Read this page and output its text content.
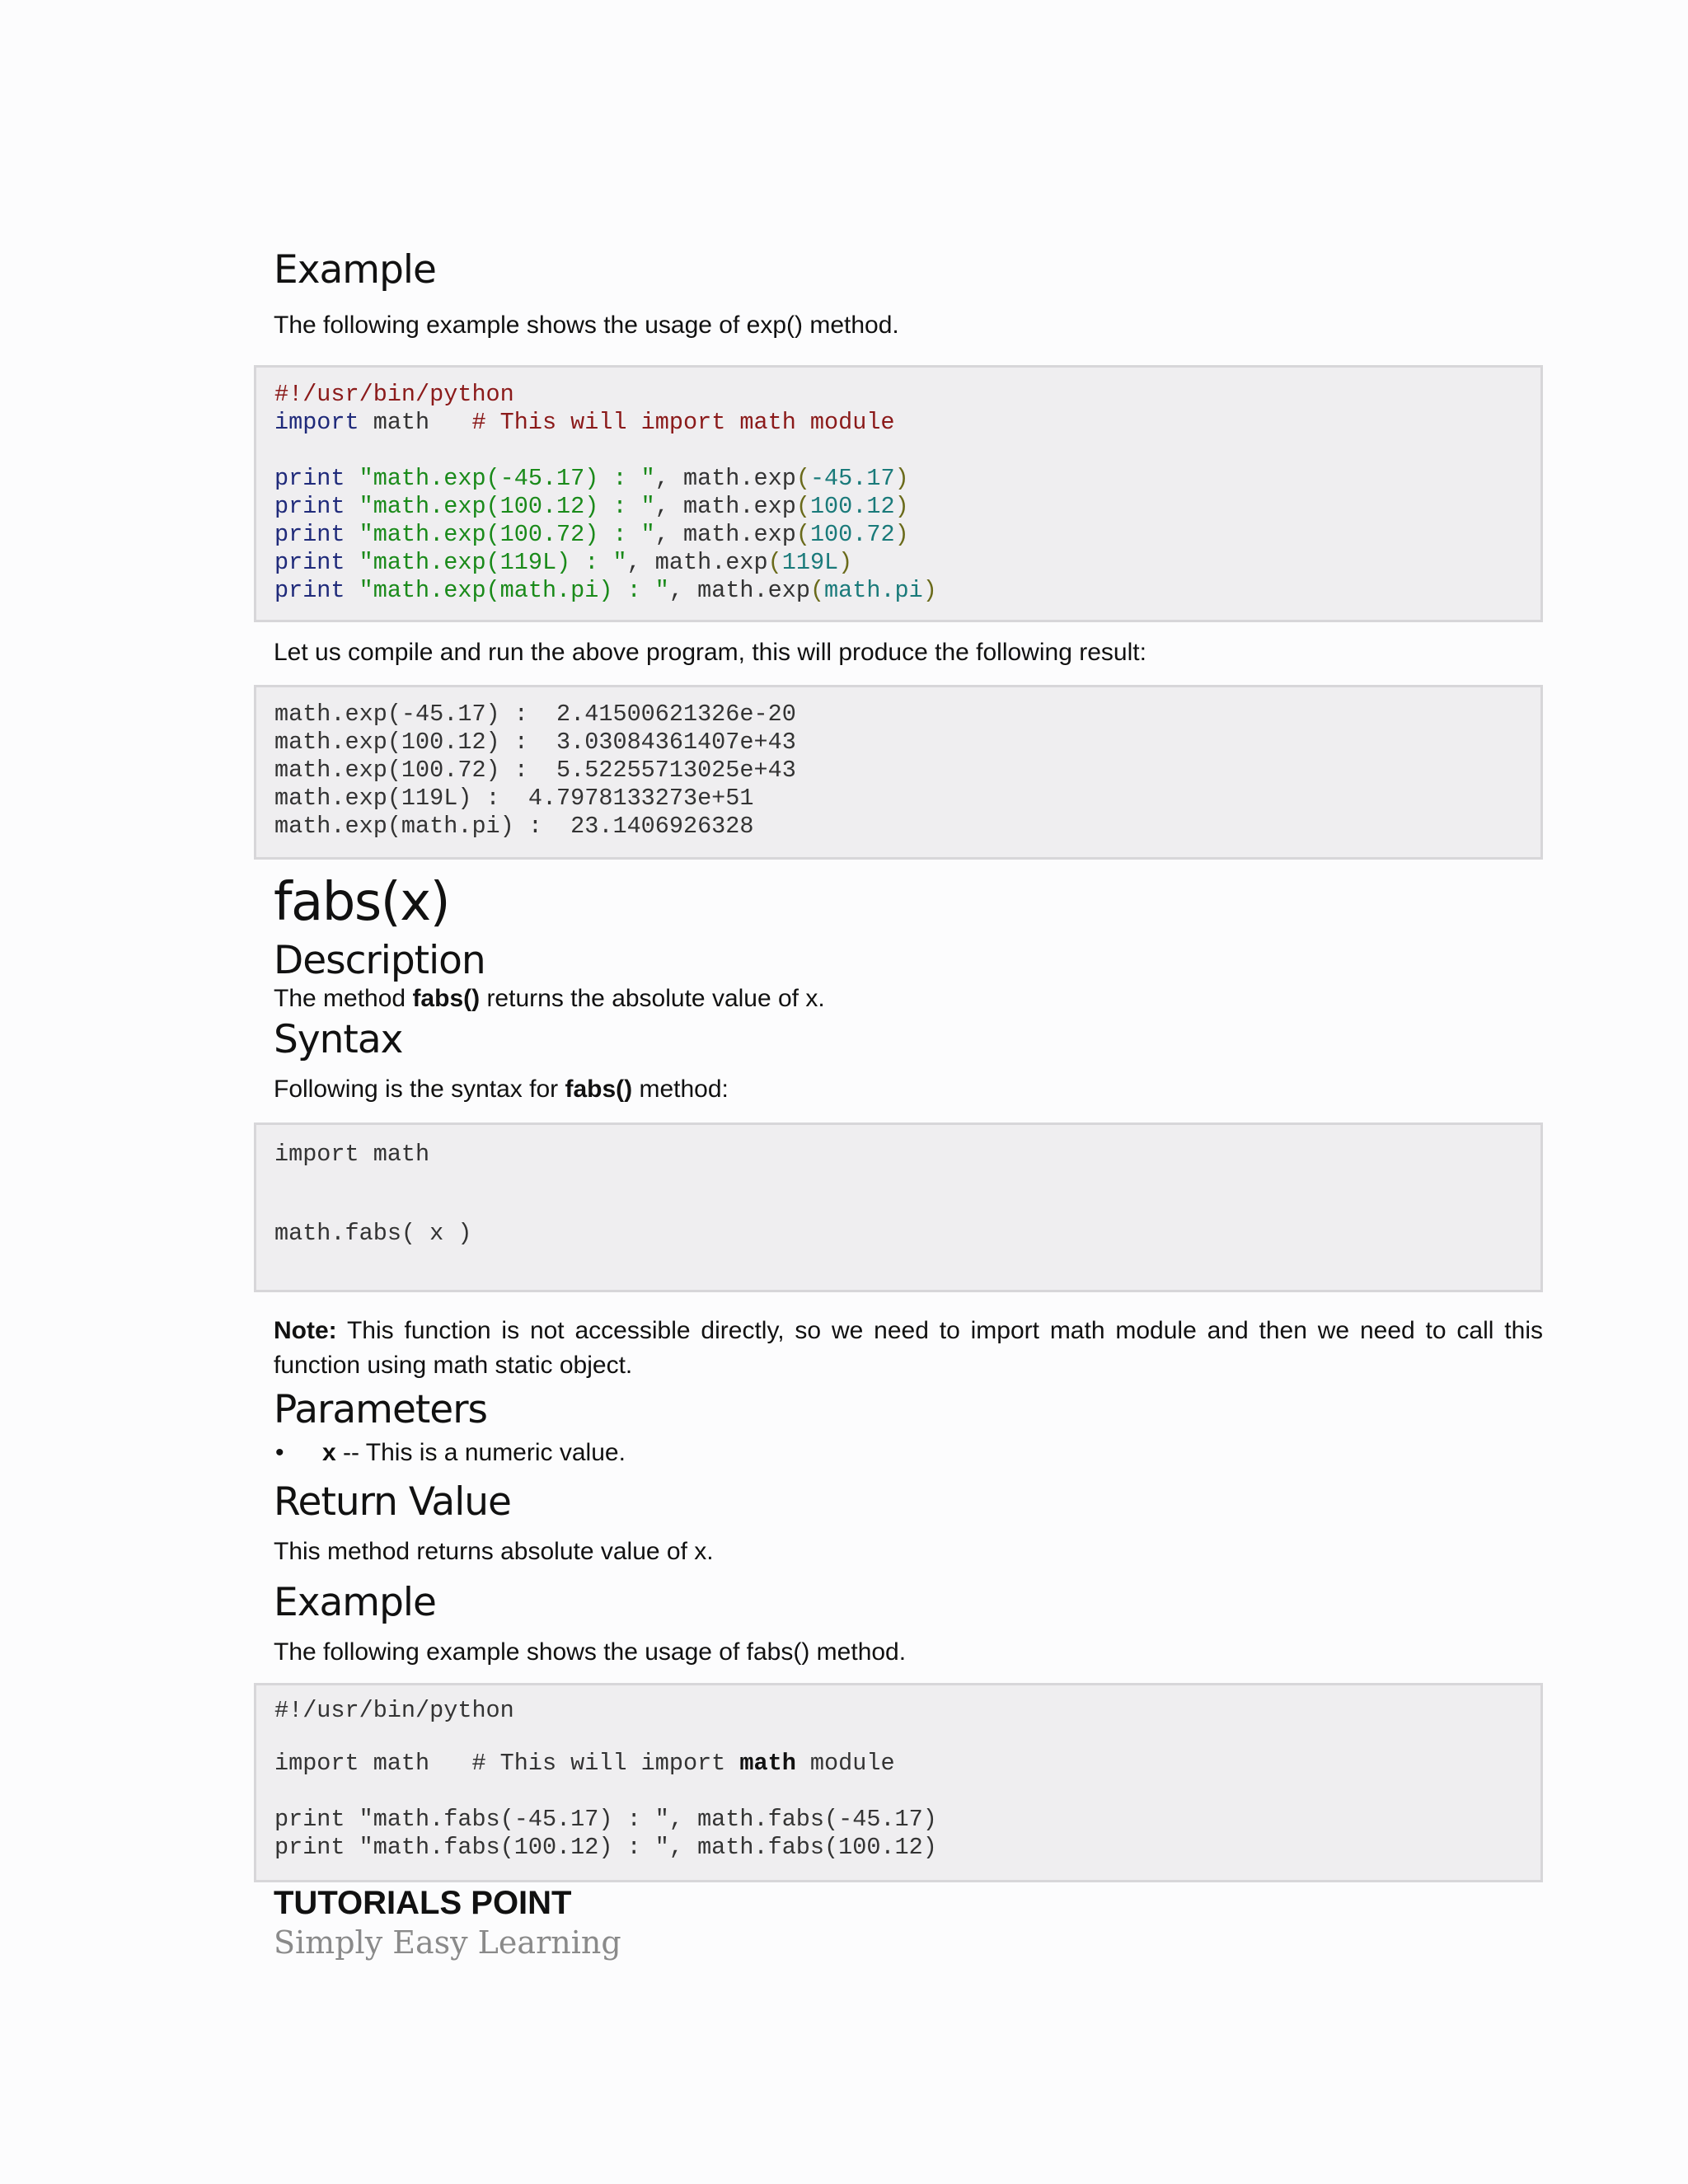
Example

The following example shows the usage of exp() method.

#!/usr/bin/python
import math   # This will import math module

print "math.exp(-45.17) : ", math.exp(-45.17)
print "math.exp(100.12) : ", math.exp(100.12)
print "math.exp(100.72) : ", math.exp(100.72)
print "math.exp(119L) : ", math.exp(119L)
print "math.exp(math.pi) : ", math.exp(math.pi)

Let us compile and run the above program, this will produce the following result:

math.exp(-45.17) :  2.41500621326e-20
math.exp(100.12) :  3.03084361407e+43
math.exp(100.72) :  5.52255713025e+43
math.exp(119L) :  4.7978133273e+51
math.exp(math.pi) :  23.1406926328
fabs(x)
Description

The method fabs() returns the absolute value of x.

Syntax

Following is the syntax for fabs() method:

import math
math.fabs( x )

Note: This function is not accessible directly, so we need to import math module and then we need to call this function using math static object.

Parameters
• x -- This is a numeric value.
Return Value

This method returns absolute value of x.

Example

The following example shows the usage of fabs() method.

#!/usr/bin/python

import math   # This will import math module

print "math.fabs(-45.17) : ", math.fabs(-45.17)
print "math.fabs(100.12) : ", math.fabs(100.12)

TUTORIALS POINT

Simply Easy Learning
